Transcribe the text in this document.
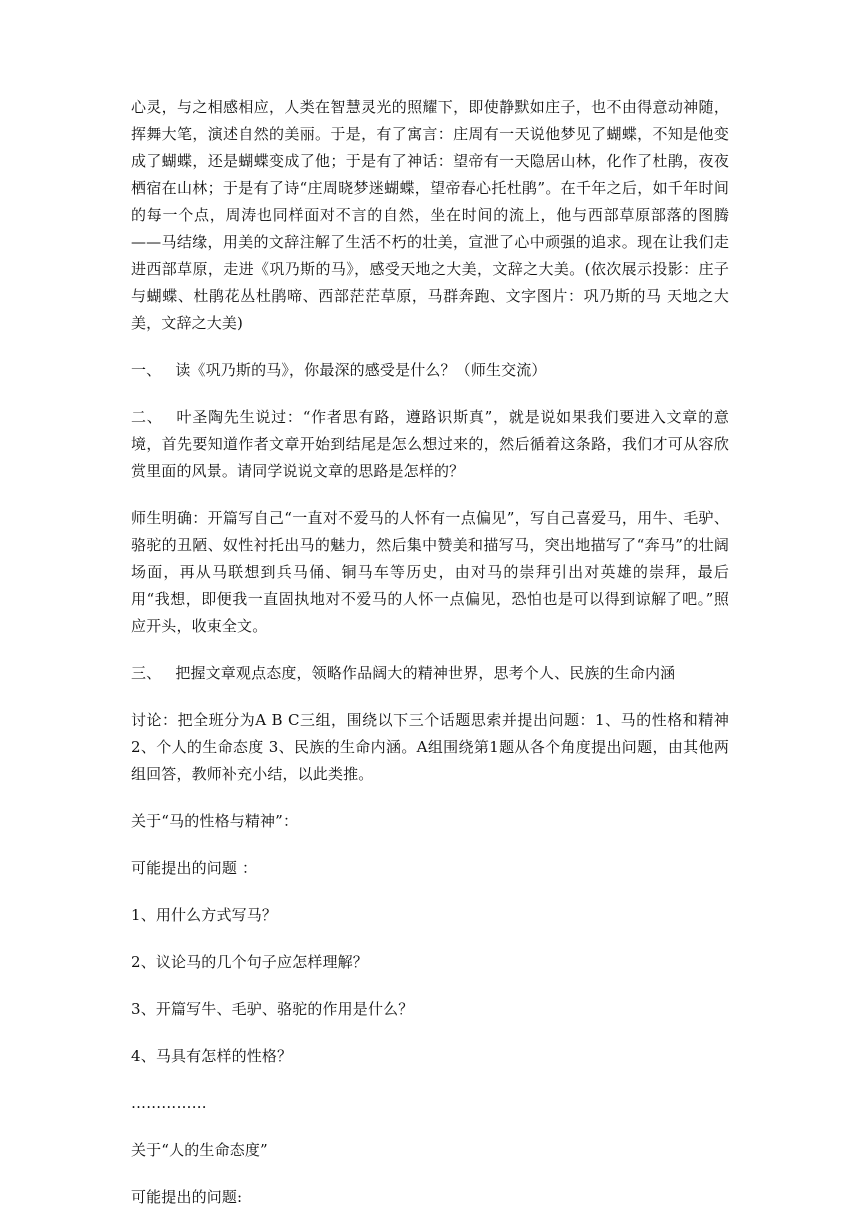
心灵，与之相感相应，人类在智慧灵光的照耀下，即使静默如庄子，也不由得意动神随，挥舞大笔，演述自然的美丽。于是，有了寓言：庄周有一天说他梦见了蝴蝶，不知是他变成了蝴蝶，还是蝴蝶变成了他；于是有了神话：望帝有一天隐居山林，化作了杜鹃，夜夜栖宿在山林；于是有了诗“庄周晓梦迷蝴蝶，望帝春心托杜鹃”。在千年之后，如千年时间的每一个点，周涛也同样面对不言的自然，坐在时间的流上，他与西部草原部落的图腾——马结缘，用美的文辞注解了生活不朽的壮美，宣泄了心中顽强的追求。现在让我们走进西部草原，走进《巩乃斯的马》，感受天地之大美，文辞之大美。(依次展示投影：庄子与蝴蝶、杜鹃花丛杜鹃啼、西部茫茫草原，马群奔跑、文字图片：巩乃斯的马 天地之大美，文辞之大美)

一、 读《巩乃斯的马》，你最深的感受是什么？（师生交流）

二、 叶圣陶先生说过：“作者思有路，遵路识斯真”，就是说如果我们要进入文章的意境，首先要知道作者文章开始到结尾是怎么想过来的，然后循着这条路，我们才可从容欣赏里面的风景。请同学说说文章的思路是怎样的？

师生明确：开篇写自己“一直对不爱马的人怀有一点偏见”，写自己喜爱马，用牛、毛驴、骆驼的丑陋、奴性衬托出马的魅力，然后集中赞美和描写马，突出地描写了“奔马”的壮阔场面，再从马联想到兵马俑、铜马车等历史，由对马的崇拜引出对英雄的崇拜，最后用“我想，即便我一直固执地对不爱马的人怀一点偏见，恐怕也是可以得到谅解了吧。”照应开头，收束全文。

三、 把握文章观点态度，领略作品阔大的精神世界，思考个人、民族的生命内涵

讨论：把全班分为A B C三组，围绕以下三个话题思索并提出问题：1、马的性格和精神 2、个人的生命态度 3、民族的生命内涵。A组围绕第1题从各个角度提出问题，由其他两组回答，教师补充小结，以此类推。

关于“马的性格与精神”：

可能提出的问题 ：

1、用什么方式写马？

2、议论马的几个句子应怎样理解？

3、开篇写牛、毛驴、骆驼的作用是什么？

4、马具有怎样的性格？

……………

关于“人的生命态度”

可能提出的问题:
